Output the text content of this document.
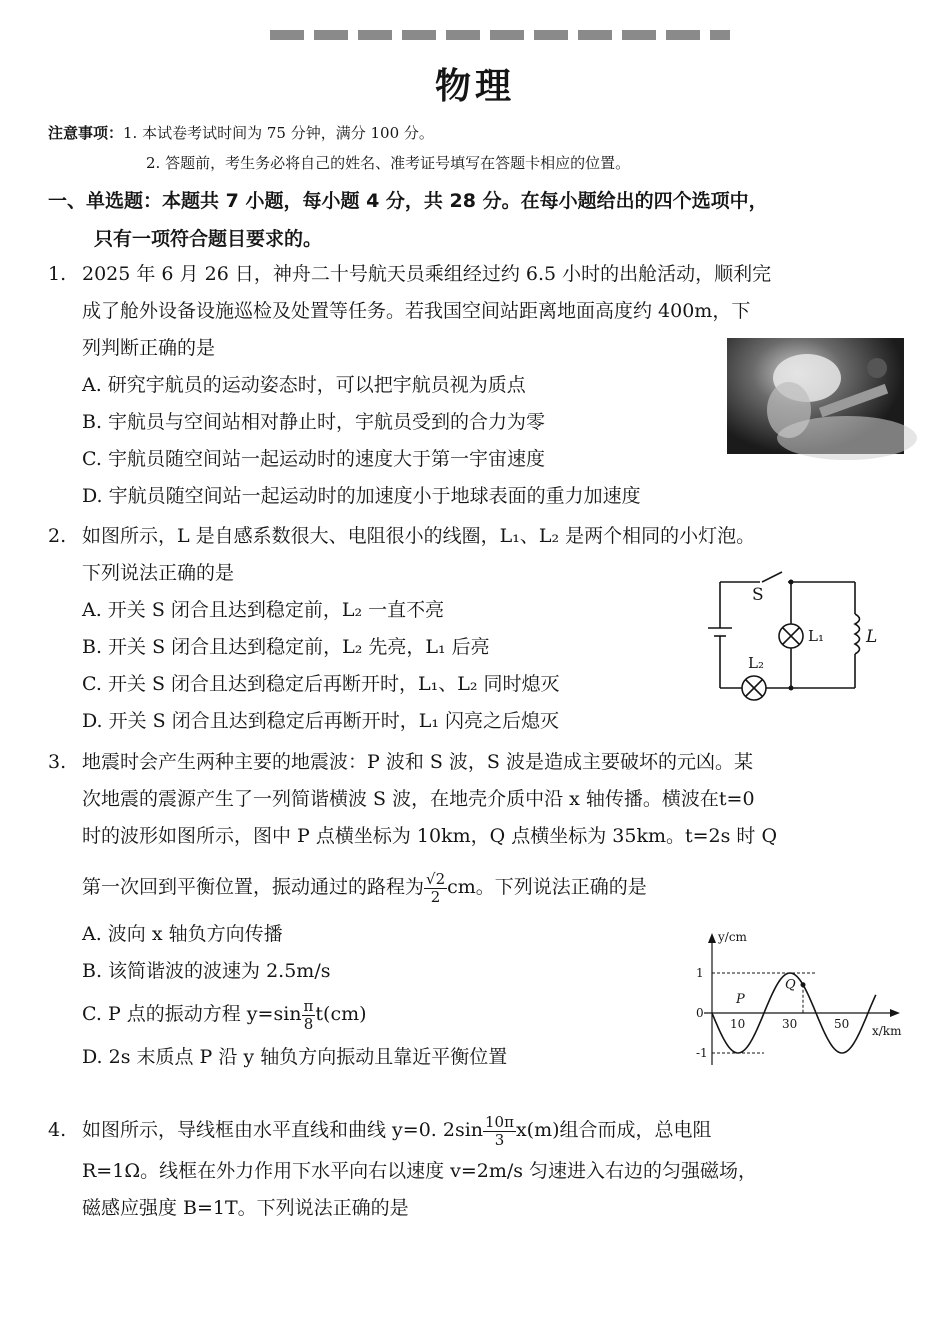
物理
注意事项：1. 本试卷考试时间为 75 分钟，满分 100 分。
2. 答题前，考生务必将自己的姓名、准考证号填写在答题卡相应的位置。
一、单选题：本题共 7 小题，每小题 4 分，共 28 分。在每小题给出的四个选项中，
只有一项符合题目要求的。
1. 2025 年 6 月 26 日，神舟二十号航天员乘组经过约 6.5 小时的出舱活动，顺利完
成了舱外设备设施巡检及处置等任务。若我国空间站距离地面高度约 400m，下
列判断正确的是
A. 研究宇航员的运动姿态时，可以把宇航员视为质点
B. 宇航员与空间站相对静止时，宇航员受到的合力为零
C. 宇航员随空间站一起运动时的速度大于第一宇宙速度
D. 宇航员随空间站一起运动时的加速度小于地球表面的重力加速度
2. 如图所示，L 是自感系数很大、电阻很小的线圈，L₁、L₂ 是两个相同的小灯泡。
下列说法正确的是
A. 开关 S 闭合且达到稳定前，L₂ 一直不亮
B. 开关 S 闭合且达到稳定前，L₂ 先亮，L₁ 后亮
C. 开关 S 闭合且达到稳定后再断开时，L₁、L₂ 同时熄灭
D. 开关 S 闭合且达到稳定后再断开时，L₁ 闪亮之后熄灭
S
L₁
L₂
L
3. 地震时会产生两种主要的地震波：P 波和 S 波，S 波是造成主要破坏的元凶。某
次地震的震源产生了一列简谐横波 S 波，在地壳介质中沿 x 轴传播。横波在t=0
时的波形如图所示，图中 P 点横坐标为 10km，Q 点横坐标为 35km。t=2s 时 Q
第一次回到平衡位置，振动通过的路程为 $\frac{√2}{2}$ cm。下列说法正确的是
A. 波向 x 轴负方向传播
B. 该简谐波的波速为 2.5m/s
C. P 点的振动方程 $y=\sin \frac{\pi}{8} t(cm)$
D. 2s 末质点 P 沿 y 轴负方向振动且靠近平衡位置
y/cm
x/km
10	30	50
1
0
-1
P
Q
4. 如图所示，导线框由水平直线和曲线 y=0. $2\sin \frac{10\pi}{3} x(m)$组合而成，总电阻
R=1Ω。线框在外力作用下水平向右以速度 v=2m/s 匀速进入右边的匀强磁场，
磁感应强度 B=1T。下列说法正确的是
